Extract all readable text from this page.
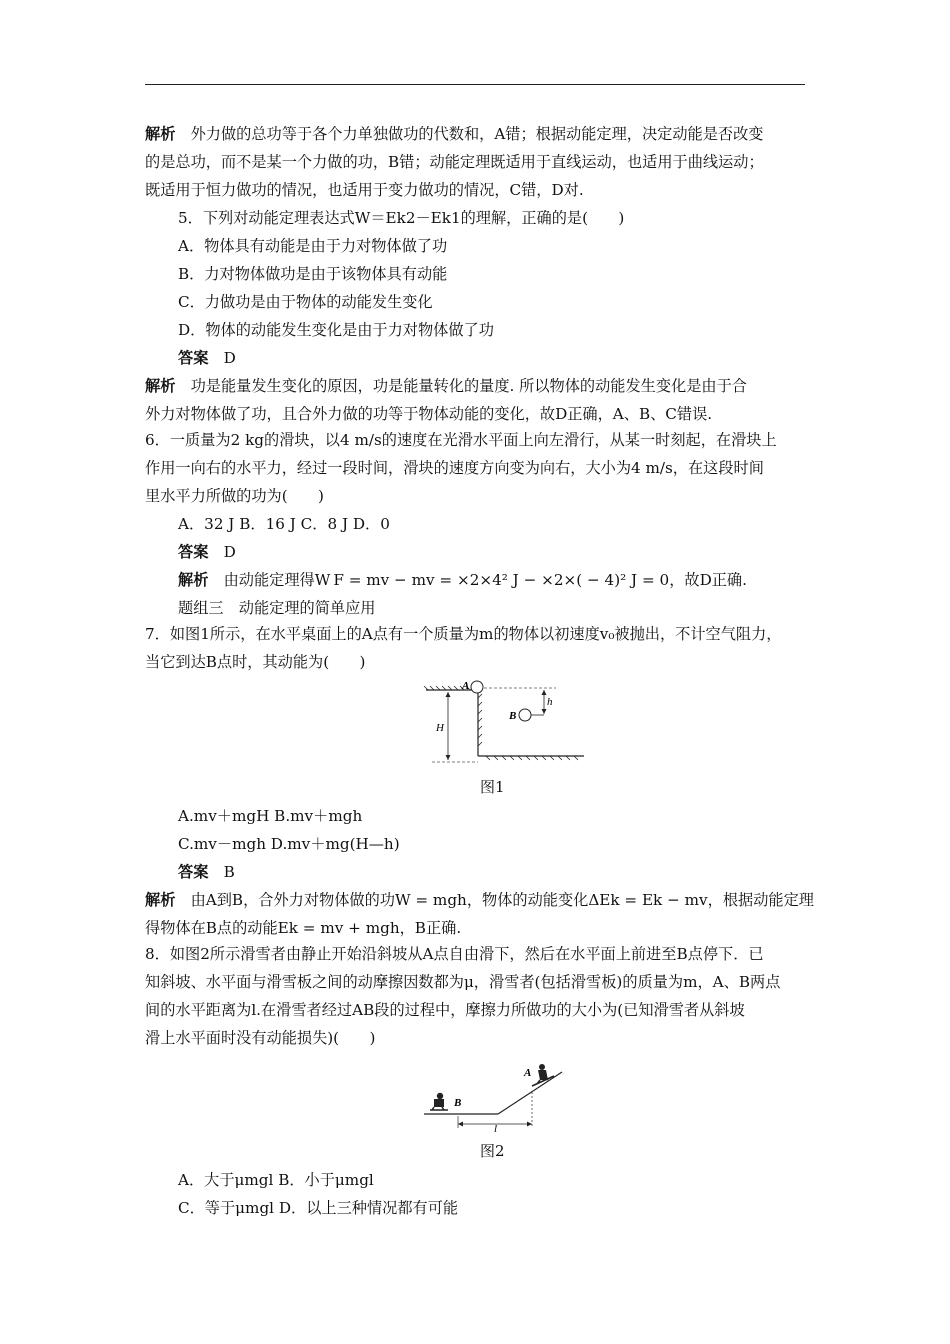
解析　 外力做的总功等于各个力单独做功的代数和，A错；根据动能定理，决定动能是否改变
的是总功，而不是某一个力做的功，B错；动能定理既适用于直线运动，也适用于曲线运动；
既适用于恒力做功的情况，也适用于变力做功的情况，C错，D对.
5．下列对动能定理表达式W＝Ek2－Ek1的理解，正确的是(　　)
A．物体具有动能是由于力对物体做了功
B．力对物体做功是由于该物体具有动能
C．力做功是由于物体的动能发生变化
D．物体的动能发生变化是由于力对物体做了功
答案　 D
解析　 功是能量发生变化的原因，功是能量转化的量度. 所以物体的动能发生变化是由于合
外力对物体做了功，且合外力做的功等于物体动能的变化，故D正确，A、B、C错误.
6．一质量为2 kg的滑块，以4 m/s的速度在光滑水平面上向左滑行，从某一时刻起，在滑块上
作用一向右的水平力，经过一段时间，滑块的速度方向变为向右，大小为4 m/s，在这段时间
里水平力所做的功为(　　)
A．32 J B．16 J C．8 J D．0
答案　 D
解析　 由动能定理得W F = mv − mv = ×2×4² J − ×2×( − 4)² J = 0，故D正确.
题组三　动能定理的简单应用
7．如图1所示，在水平桌面上的A点有一个质量为m的物体以初速度v₀被抛出，不计空气阻力，
当它到达B点时，其动能为(　　)
H
h
A
B
图1
A.mv＋mgH B.mv＋mgh
C.mv－mgh D.mv＋mg(H—h)
答案　 B
解析　 由A到B，合外力对物体做的功W = mgh，物体的动能变化ΔEk = Ek − mv，根据动能定理
得物体在B点的动能Ek = mv + mgh，B正确.
8．如图2所示滑雪者由静止开始沿斜坡从A点自由滑下，然后在水平面上前进至B点停下．已
知斜坡、水平面与滑雪板之间的动摩擦因数都为μ，滑雪者(包括滑雪板)的质量为m，A、B两点
间的水平距离为l.在滑雪者经过AB段的过程中，摩擦力所做功的大小为(已知滑雪者从斜坡
滑上水平面时没有动能损失)(　　)
B
A
l
图2
A．大于μmgl B．小于μmgl
C．等于μmgl D．以上三种情况都有可能
